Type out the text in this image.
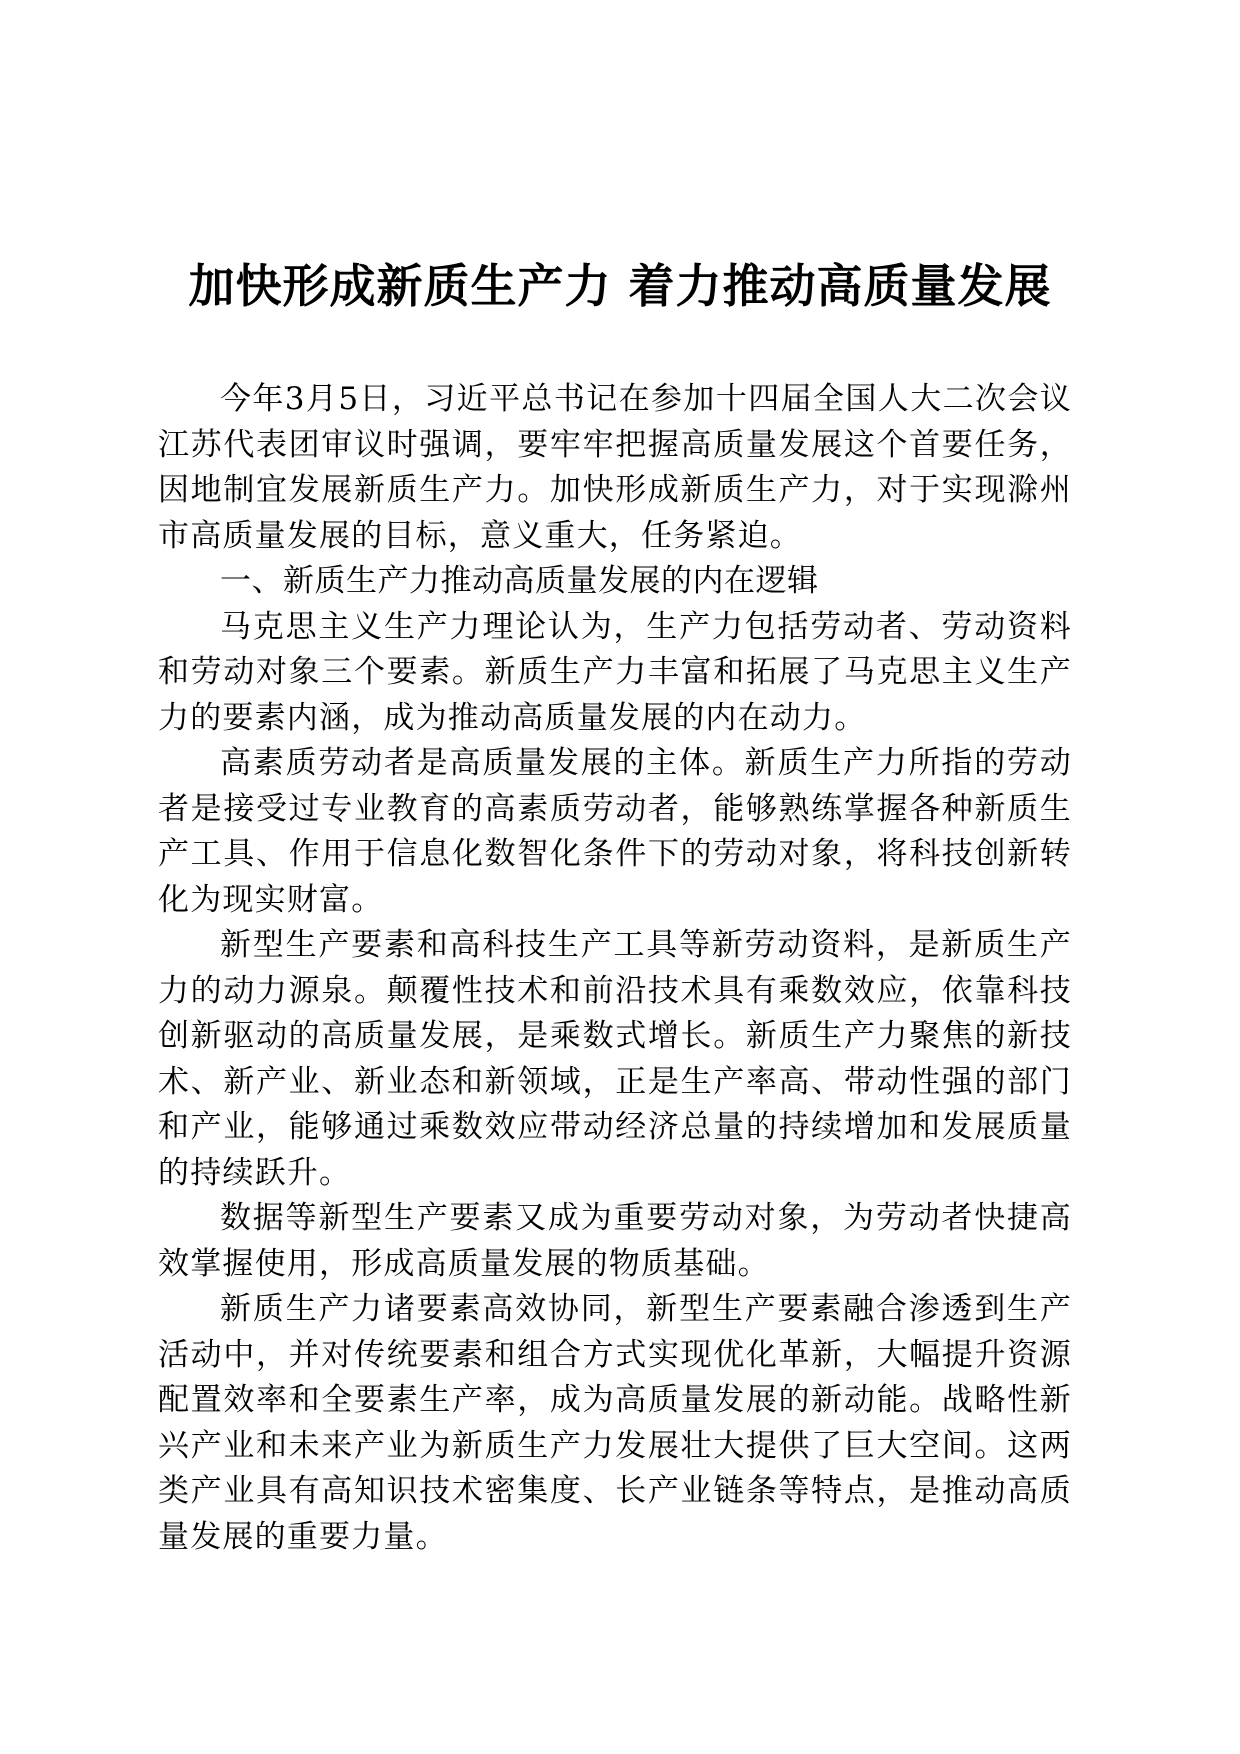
加快形成新质生产力 着力推动高质量发展

今年3月5日，习近平总书记在参加十四届全国人大二次会议江苏代表团审议时强调，要牢牢把握高质量发展这个首要任务，因地制宜发展新质生产力。加快形成新质生产力，对于实现滁州市高质量发展的目标，意义重大，任务紧迫。

一、新质生产力推动高质量发展的内在逻辑

马克思主义生产力理论认为，生产力包括劳动者、劳动资料和劳动对象三个要素。新质生产力丰富和拓展了马克思主义生产力的要素内涵，成为推动高质量发展的内在动力。

高素质劳动者是高质量发展的主体。新质生产力所指的劳动者是接受过专业教育的高素质劳动者，能够熟练掌握各种新质生产工具、作用于信息化数智化条件下的劳动对象，将科技创新转化为现实财富。

新型生产要素和高科技生产工具等新劳动资料，是新质生产力的动力源泉。颠覆性技术和前沿技术具有乘数效应，依靠科技创新驱动的高质量发展，是乘数式增长。新质生产力聚焦的新技术、新产业、新业态和新领域，正是生产率高、带动性强的部门和产业，能够通过乘数效应带动经济总量的持续增加和发展质量的持续跃升。

数据等新型生产要素又成为重要劳动对象，为劳动者快捷高效掌握使用，形成高质量发展的物质基础。

新质生产力诸要素高效协同，新型生产要素融合渗透到生产活动中，并对传统要素和组合方式实现优化革新，大幅提升资源配置效率和全要素生产率，成为高质量发展的新动能。战略性新兴产业和未来产业为新质生产力发展壮大提供了巨大空间。这两类产业具有高知识技术密集度、长产业链条等特点，是推动高质量发展的重要力量。
